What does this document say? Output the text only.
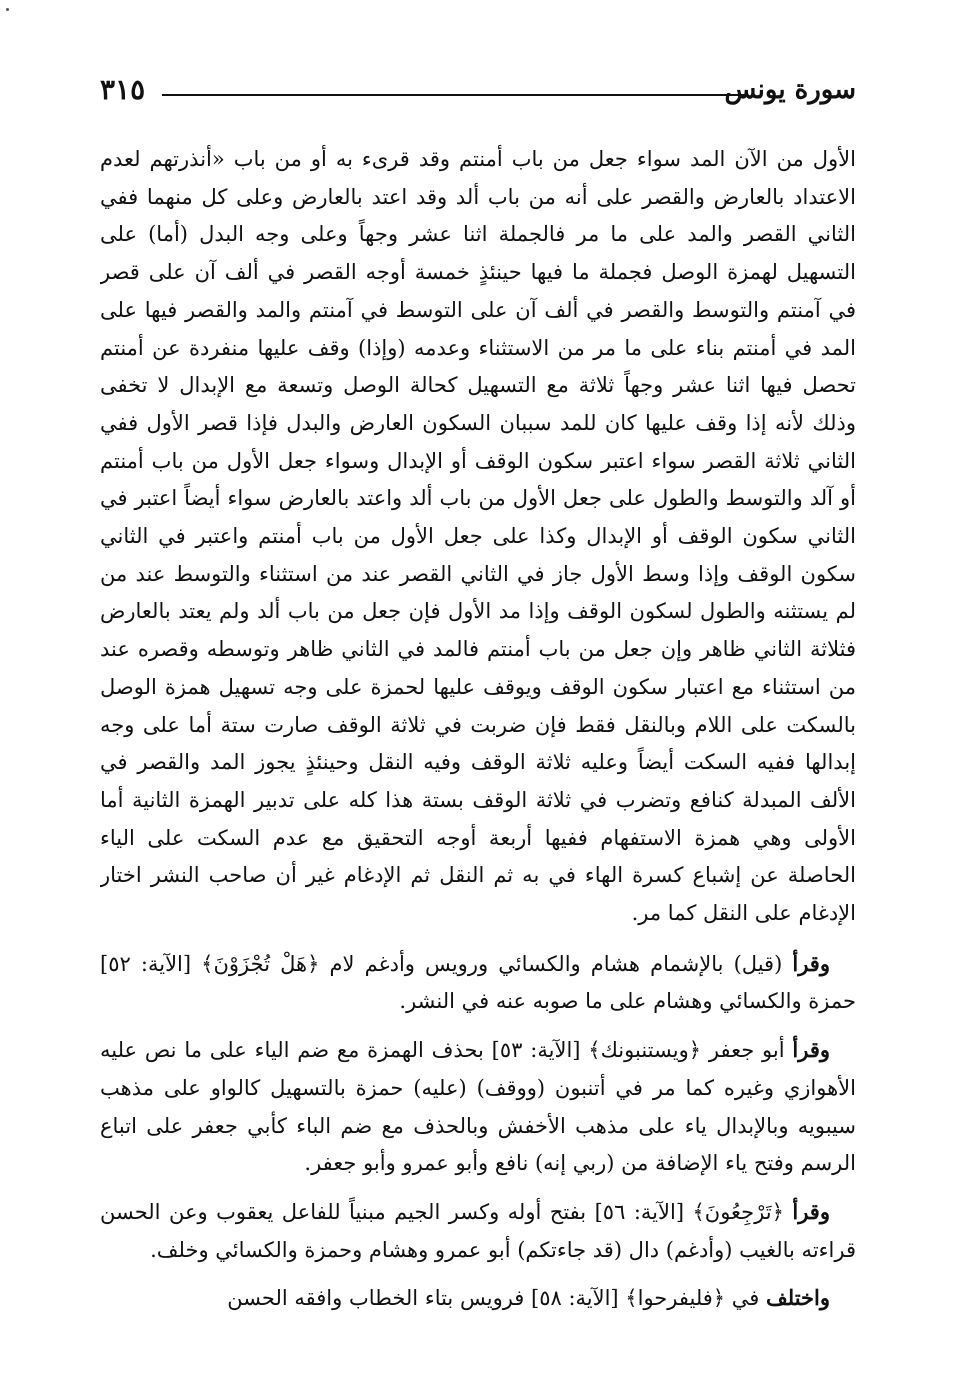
سورة يونس
٣١٥

الأول من الآن المد سواء جعل من باب أمنتم وقد قرىء به أو من باب «أنذرتهم لعدم الاعتداد بالعارض والقصر على أنه من باب ألد وقد اعتد بالعارض وعلى كل منهما ففي الثاني القصر والمد على ما مر فالجملة اثنا عشر وجهاً وعلى وجه البدل (أما) على التسهيل لهمزة الوصل فجملة ما فيها حينئذٍ خمسة أوجه القصر في ألف آن على قصر في آمنتم والتوسط والقصر في ألف آن على التوسط في آمنتم والمد والقصر فيها على المد في أمنتم بناء على ما مر من الاستثناء وعدمه (وإذا) وقف عليها منفردة عن أمنتم تحصل فيها اثنا عشر وجهاً ثلاثة مع التسهيل كحالة الوصل وتسعة مع الإبدال لا تخفى وذلك لأنه إذا وقف عليها كان للمد سببان السكون العارض والبدل فإذا قصر الأول ففي الثاني ثلاثة القصر سواء اعتبر سكون الوقف أو الإبدال وسواء جعل الأول من باب أمنتم أو آلد والتوسط والطول على جعل الأول من باب ألد واعتد بالعارض سواء أيضاً اعتبر في الثاني سكون الوقف أو الإبدال وكذا على جعل الأول من باب أمنتم واعتبر في الثاني سكون الوقف وإذا وسط الأول جاز في الثاني القصر عند من استثناء والتوسط عند من لم يستثنه والطول لسكون الوقف وإذا مد الأول فإن جعل من باب ألد ولم يعتد بالعارض فثلاثة الثاني ظاهر وإن جعل من باب أمنتم فالمد في الثاني ظاهر وتوسطه وقصره عند من استثناء مع اعتبار سكون الوقف ويوقف عليها لحمزة على وجه تسهيل همزة الوصل بالسكت على اللام وبالنقل فقط فإن ضربت في ثلاثة الوقف صارت ستة أما على وجه إبدالها ففيه السكت أيضاً وعليه ثلاثة الوقف وفيه النقل وحينئذٍ يجوز المد والقصر في الألف المبدلة كنافع وتضرب في ثلاثة الوقف بستة هذا كله على تدبير الهمزة الثانية أما الأولى وهي همزة الاستفهام ففيها أربعة أوجه التحقيق مع عدم السكت على الياء الحاصلة عن إشباع كسرة الهاء في به ثم النقل ثم الإدغام غير أن صاحب النشر اختار الإدغام على النقل كما مر.

وقرأ (قيل) بالإشمام هشام والكسائي ورويس وأدغم لام ﴿هَلْ تُجْزَوْنَ﴾ [الآية: ٥٢] حمزة والكسائي وهشام على ما صوبه عنه في النشر.

وقرأ أبو جعفر ﴿ويستنبونك﴾ [الآية: ٥٣] بحذف الهمزة مع ضم الياء على ما نص عليه الأهوازي وغيره كما مر في أتنبون (ووقف) (عليه) حمزة بالتسهيل كالواو على مذهب سيبويه وبالإبدال ياء على مذهب الأخفش وبالحذف مع ضم الباء كأبي جعفر على اتباع الرسم وفتح ياء الإضافة من (ربي إنه) نافع وأبو عمرو وأبو جعفر.

وقرأ ﴿تَرْجِعُونَ﴾ [الآية: ٥٦] بفتح أوله وكسر الجيم مبنياً للفاعل يعقوب وعن الحسن قراءته بالغيب (وأدغم) دال (قد جاءتكم) أبو عمرو وهشام وحمزة والكسائي وخلف.

واختلف في ﴿فليفرحوا﴾ [الآية: ٥٨] فرويس بتاء الخطاب وافقه الحسن
